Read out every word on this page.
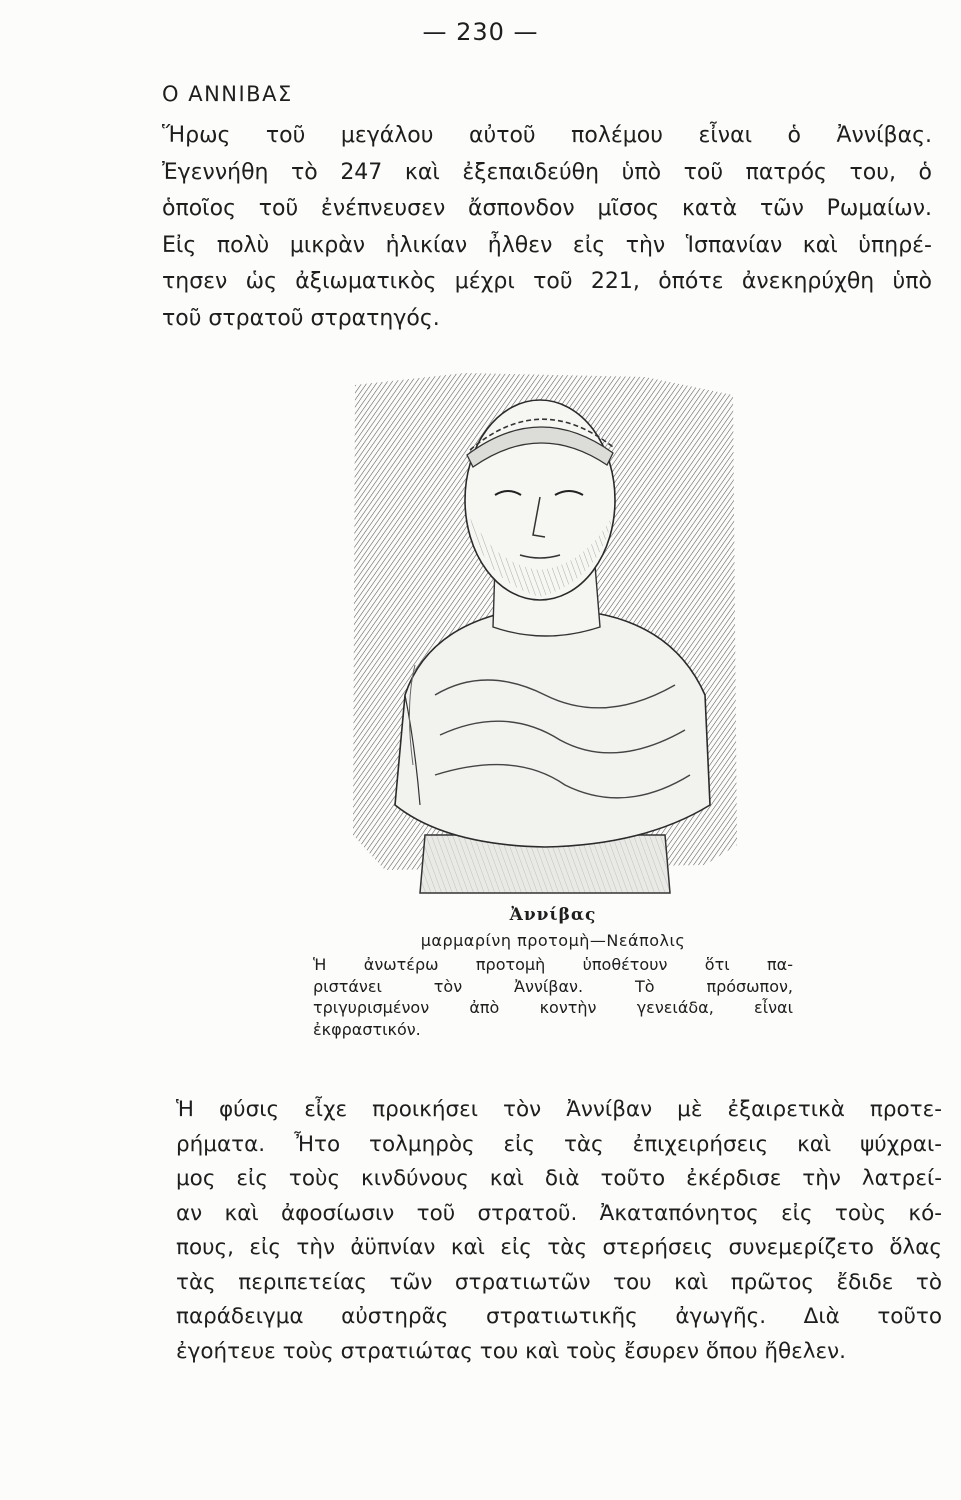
— 230 —
Ο ΑΝΝΙΒΑΣ
Ἥρως τοῦ μεγάλου αὐτοῦ πολέμου εἶναι ὁ Ἀννίβας.
Ἐγεννήθη τὸ 247 καὶ ἐξεπαιδεύθη ὑπὸ τοῦ πατρός του, ὁ
ὁποῖος τοῦ ἐνέπνευσεν ἄσπονδον μῖσος κατὰ τῶν Ρωμαίων.
Εἰς πολὺ μικρὰν ἡλικίαν ἦλθεν εἰς τὴν Ἱσπανίαν καὶ ὑπηρέ-
τησεν ὡς ἀξιωματικὸς μέχρι τοῦ 221, ὁπότε ἀνεκηρύχθη ὑπὸ
τοῦ στρατοῦ στρατηγός.

Ἀννίβας

μαρμαρίνη προτομὴ—Νεάπολις

Ἡ ἀνωτέρω προτομὴ ὑποθέτουν ὅτι πα-
ριστάνει τὸν Ἀννίβαν. Τὸ πρόσωπον,
τριγυρισμένον ἀπὸ κοντὴν γενειάδα, εἶναι
ἐκφραστικόν.

Ἡ φύσις εἶχε προικήσει τὸν Ἀννίβαν μὲ ἐξαιρετικὰ προτε-
ρήματα. Ἦτο τολμηρὸς εἰς τὰς ἐπιχειρήσεις καὶ ψύχραι-
μος εἰς τοὺς κινδύνους καὶ διὰ τοῦτο ἐκέρδισε τὴν λατρεί-
αν καὶ ἀφοσίωσιν τοῦ στρατοῦ. Ἀκαταπόνητος εἰς τοὺς κό-
πους, εἰς τὴν ἀϋπνίαν καὶ εἰς τὰς στερήσεις συνεμερίζετο ὅλας
τὰς περιπετείας τῶν στρατιωτῶν του καὶ πρῶτος ἔδιδε τὸ
παράδειγμα αὐστηρᾶς στρατιωτικῆς ἀγωγῆς. Διὰ τοῦτο
ἐγοήτευε τοὺς στρατιώτας του καὶ τοὺς ἔσυρεν ὅπου ἤθελεν.
